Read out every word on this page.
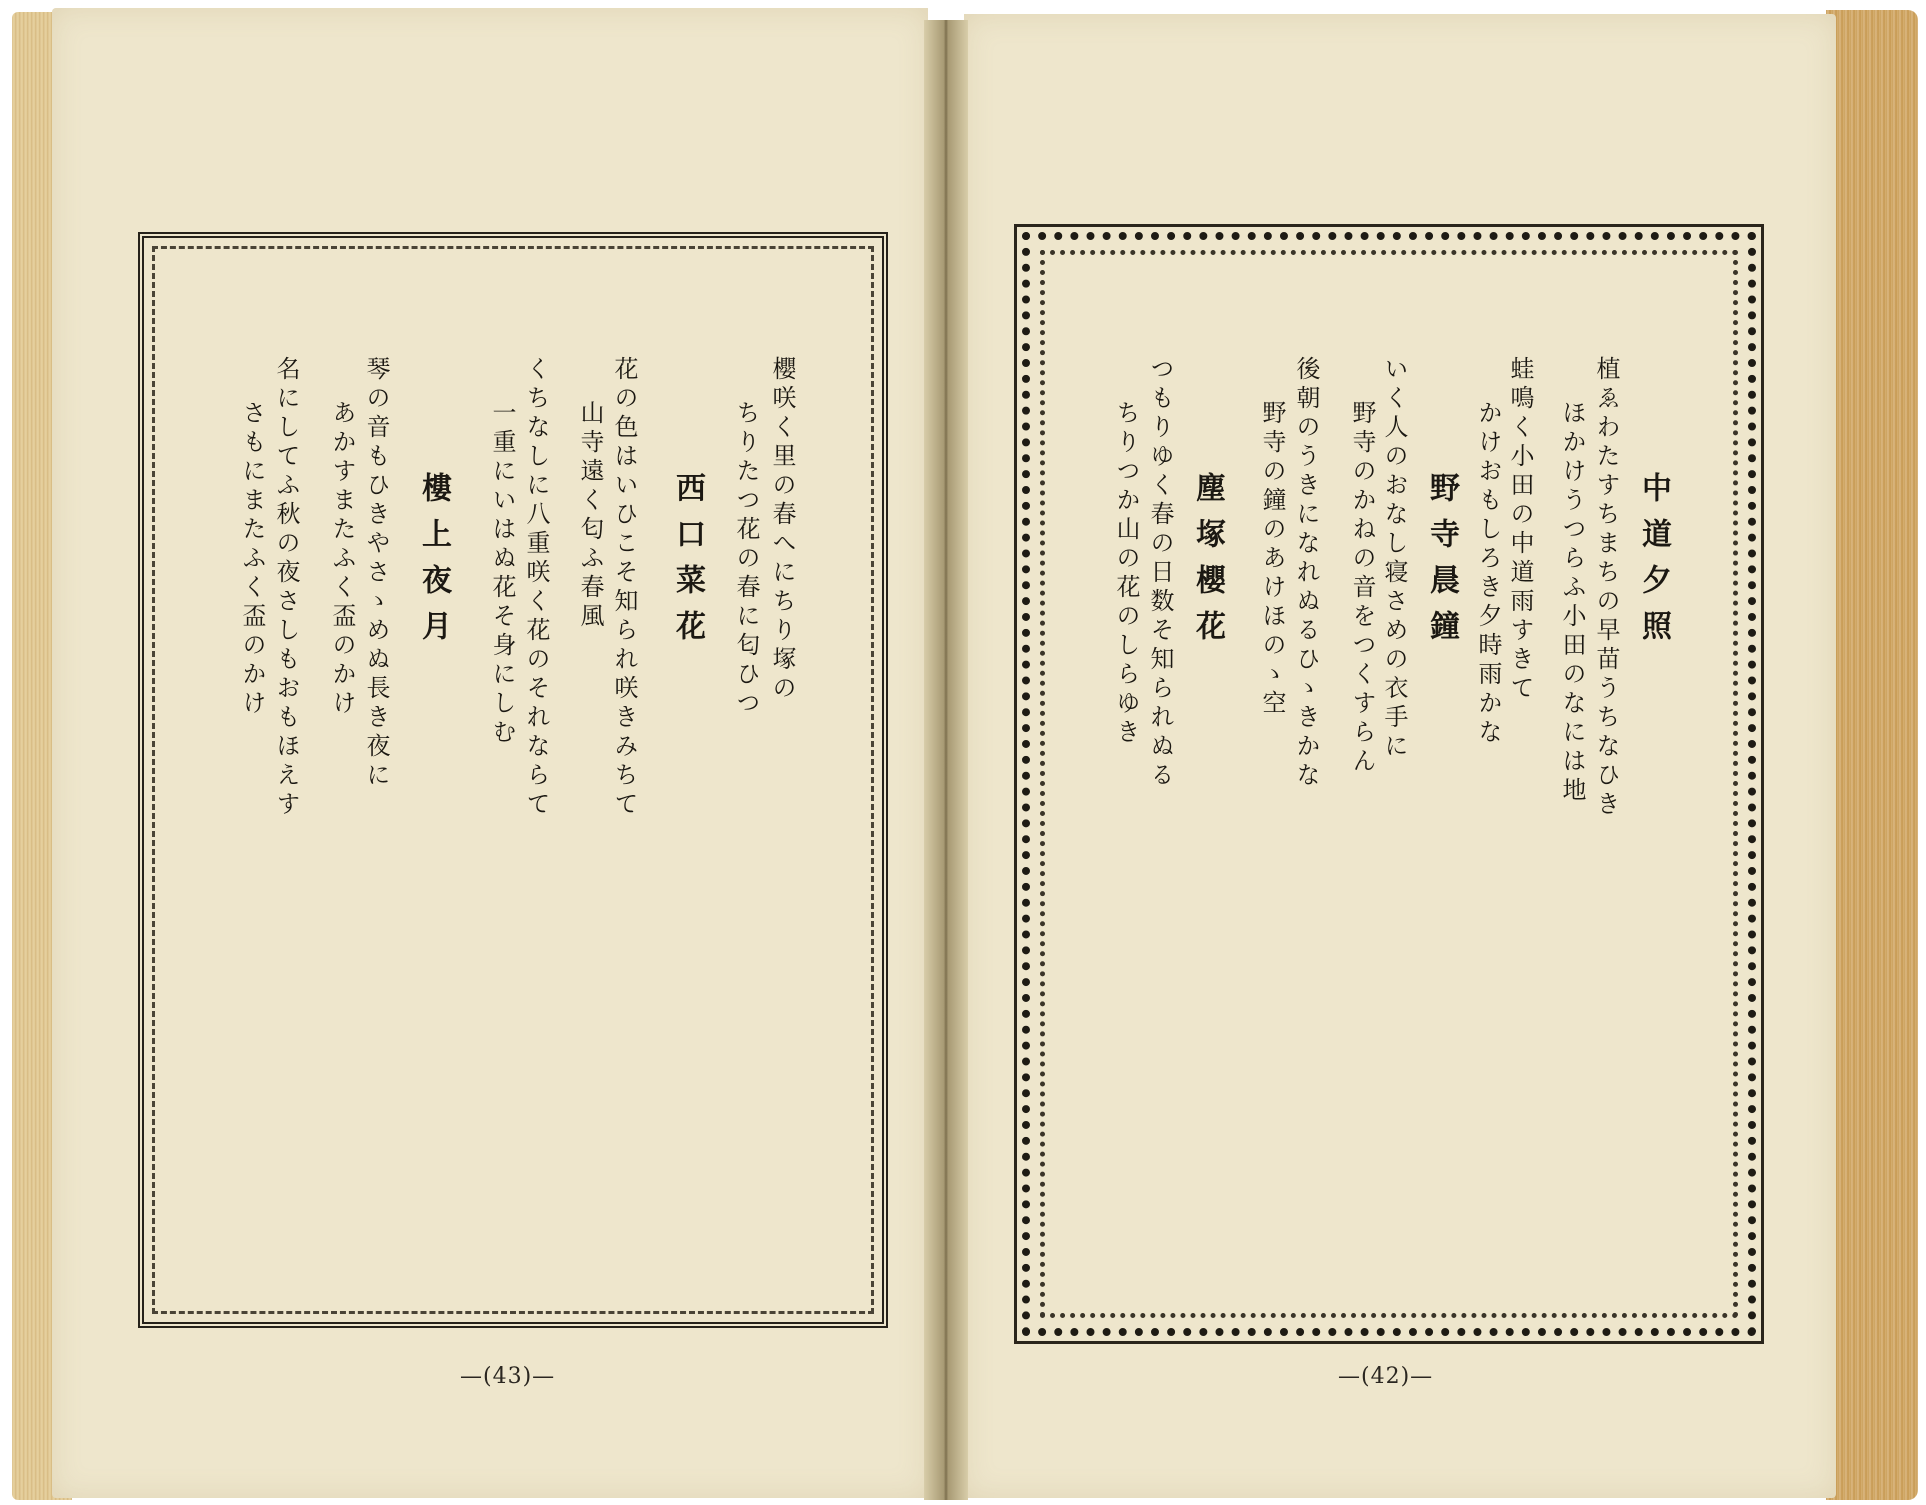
中道夕照

植ゑわたすちまちの早苗うちなひき

ほかけうつらふ小田のなには地

蛙鳴く小田の中道雨すきて

かけおもしろき夕時雨かな

野寺晨鐘

いく人のおなし寝さめの衣手に

野寺のかねの音をつくすらん

後朝のうきになれぬるひゝきかな

野寺の鐘のあけほのゝ空

塵塚櫻花

つもりゆく春の日数そ知られぬる

ちりつか山の花のしらゆき

—(42)—

櫻咲く里の春へにちり塚の

ちりたつ花の春に匂ひつ

西口菜花

花の色はいひこそ知られ咲きみちて

山寺遠く匂ふ春風

くちなしに八重咲く花のそれならて

一重にいはぬ花そ身にしむ

樓上夜月

琴の音もひきやさゝめぬ長き夜に

あかすまたふく盃のかけ

名にしてふ秋の夜さしもおもほえす

さもにまたふく盃のかけ

—(43)—
